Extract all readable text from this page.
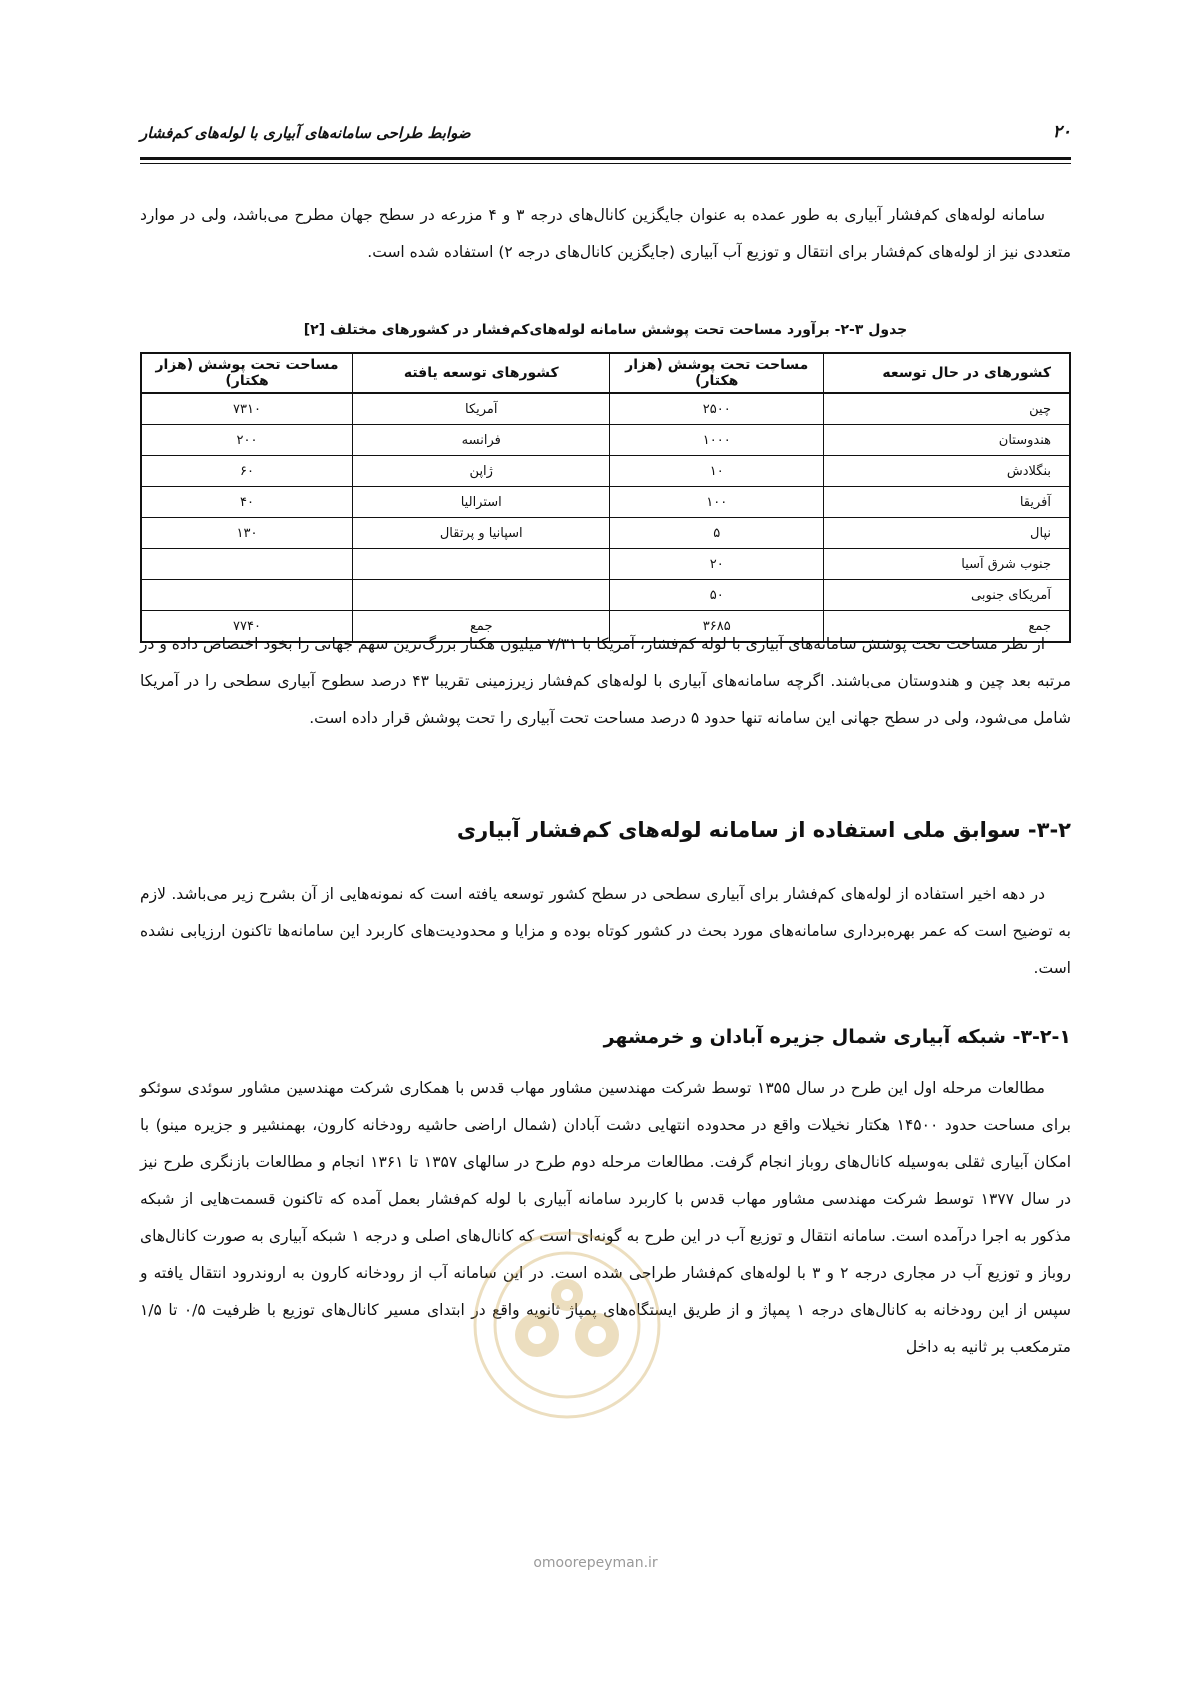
ضوابط طراحی سامانه‌های آبیاری با لوله‌های کم‌فشار	۲۰

سامانه لوله‌های کم‌فشار آبیاری به طور عمده به عنوان جایگزین کانال‌های درجه ۳ و ۴ مزرعه در سطح جهان مطرح می‌باشد، ولی در موارد متعددی نیز از لوله‌های کم‌فشار برای انتقال و توزیع آب آبیاری (جایگزین کانال‌های درجه ۲) استفاده شده است.

جدول ۳-۲- برآورد مساحت تحت پوشش سامانه لوله‌های‌کم‌فشار در کشورهای مختلف [۲]
کشورهای در حال توسعه	مساحت تحت پوشش (هزار هکتار)	کشورهای توسعه یافته	مساحت تحت پوشش (هزار هکتار)
چین	۲۵۰۰	آمریکا	۷۳۱۰
هندوستان	۱۰۰۰	فرانسه	۲۰۰
بنگلادش	۱۰	ژاپن	۶۰
آفریقا	۱۰۰	استرالیا	۴۰
نپال	۵	اسپانیا و پرتقال	۱۳۰
جنوب شرق آسیا	۲۰		
آمریکای جنوبی	۵۰		
جمع	۳۶۸۵	جمع	۷۷۴۰

از نظر مساحت تحت پوشش سامانه‌های آبیاری با لوله کم‌فشار، آمریکا با ۷/۳۱ میلیون هکتار بزرگ‌ترین سهم جهانی را بخود اختصاص داده و در مرتبه بعد چین و هندوستان می‌باشند. اگرچه سامانه‌های آبیاری با لوله‌های کم‌فشار زیرزمینی تقریبا ۴۳ درصد سطوح آبیاری سطحی را در آمریکا شامل می‌شود، ولی در سطح جهانی این سامانه تنها حدود ۵ درصد مساحت تحت آبیاری را تحت پوشش قرار داده است.

۳-۲- سوابق ملی استفاده از سامانه لوله‌های کم‌فشار آبیاری

در دهه اخیر استفاده از لوله‌های کم‌فشار برای آبیاری سطحی در سطح کشور توسعه یافته است که نمونه‌هایی از آن بشرح زیر می‌باشد. لازم به توضیح است که عمر بهره‌برداری سامانه‌های مورد بحث در کشور کوتاه بوده و مزایا و محدودیت‌های کاربرد این سامانه‌ها تاکنون ارزیابی نشده است.

۳-۲-۱- شبکه آبیاری شمال جزیره آبادان و خرمشهر

مطالعات مرحله اول این طرح در سال ۱۳۵۵ توسط شرکت مهندسین مشاور مهاب قدس با همکاری شرکت مهندسین مشاور سوئدی سوئکو برای مساحت حدود ۱۴۵۰۰ هکتار نخیلات واقع در محدوده انتهایی دشت آبادان (شمال اراضی حاشیه رودخانه کارون، بهمنشیر و جزیره مینو) با امکان آبیاری ثقلی به‌وسیله کانال‌های روباز انجام گرفت. مطالعات مرحله دوم طرح در سالهای ۱۳۵۷ تا ۱۳۶۱ انجام و مطالعات بازنگری طرح نیز در سال ۱۳۷۷ توسط شرکت مهندسی مشاور مهاب قدس با کاربرد سامانه آبیاری با لوله کم‌فشار بعمل آمده که تاکنون قسمت‌هایی از شبکه مذکور به اجرا درآمده است. سامانه انتقال و توزیع آب در این طرح به گونه‌ای است که کانال‌های اصلی و درجه ۱ شبکه آبیاری به صورت کانال‌های روباز و توزیع آب در مجاری درجه ۲ و ۳ با لوله‌های کم‌فشار طراحی شده است. در این سامانه آب از رودخانه کارون به اروندرود انتقال یافته و سپس از این رودخانه به کانال‌های درجه ۱ پمپاژ و از طریق ایستگاه‌های پمپاژ ثانویه واقع در ابتدای مسیر کانال‌های توزیع با ظرفیت ۰/۵ تا ۱/۵ مترمکعب بر ثانیه به داخل

omoorepeyman.ir
